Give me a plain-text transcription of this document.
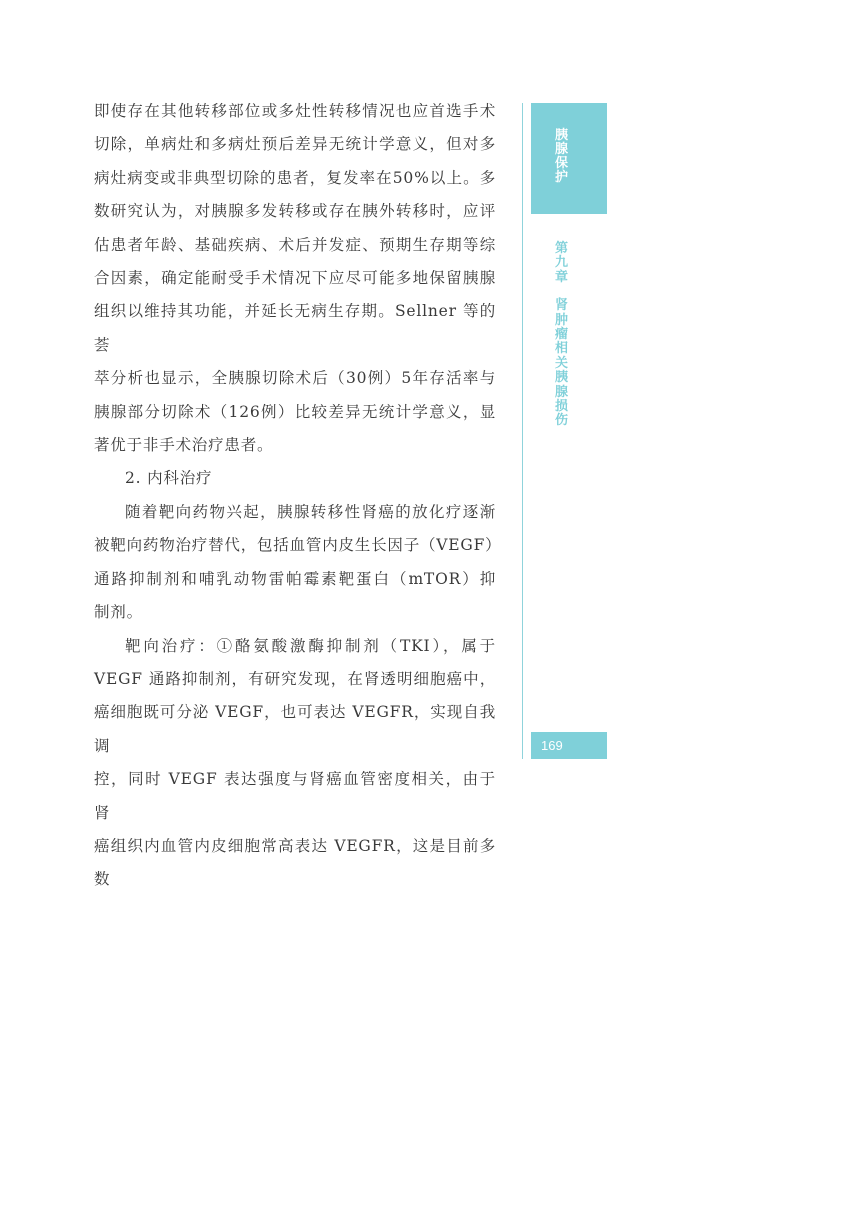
即使存在其他转移部位或多灶性转移情况也应首选手术

切除，单病灶和多病灶预后差异无统计学意义，但对多

病灶病变或非典型切除的患者，复发率在50%以上。多

数研究认为，对胰腺多发转移或存在胰外转移时，应评

估患者年龄、基础疾病、术后并发症、预期生存期等综

合因素，确定能耐受手术情况下应尽可能多地保留胰腺

组织以维持其功能，并延长无病生存期。Sellner 等的荟

萃分析也显示，全胰腺切除术后（30例）5年存活率与

胰腺部分切除术（126例）比较差异无统计学意义，显

著优于非手术治疗患者。

2. 内科治疗

随着靶向药物兴起，胰腺转移性肾癌的放化疗逐渐

被靶向药物治疗替代，包括血管内皮生长因子（VEGF）

通路抑制剂和哺乳动物雷帕霉素靶蛋白（mTOR）抑

制剂。

靶向治疗：①酪氨酸激酶抑制剂（TKI），属于

VEGF 通路抑制剂，有研究发现，在肾透明细胞癌中，

癌细胞既可分泌 VEGF，也可表达 VEGFR，实现自我调

控，同时 VEGF 表达强度与肾癌血管密度相关，由于肾

癌组织内血管内皮细胞常高表达 VEGFR，这是目前多数

胰腺保护
第九章
肾肿瘤相关胰腺损伤
169
